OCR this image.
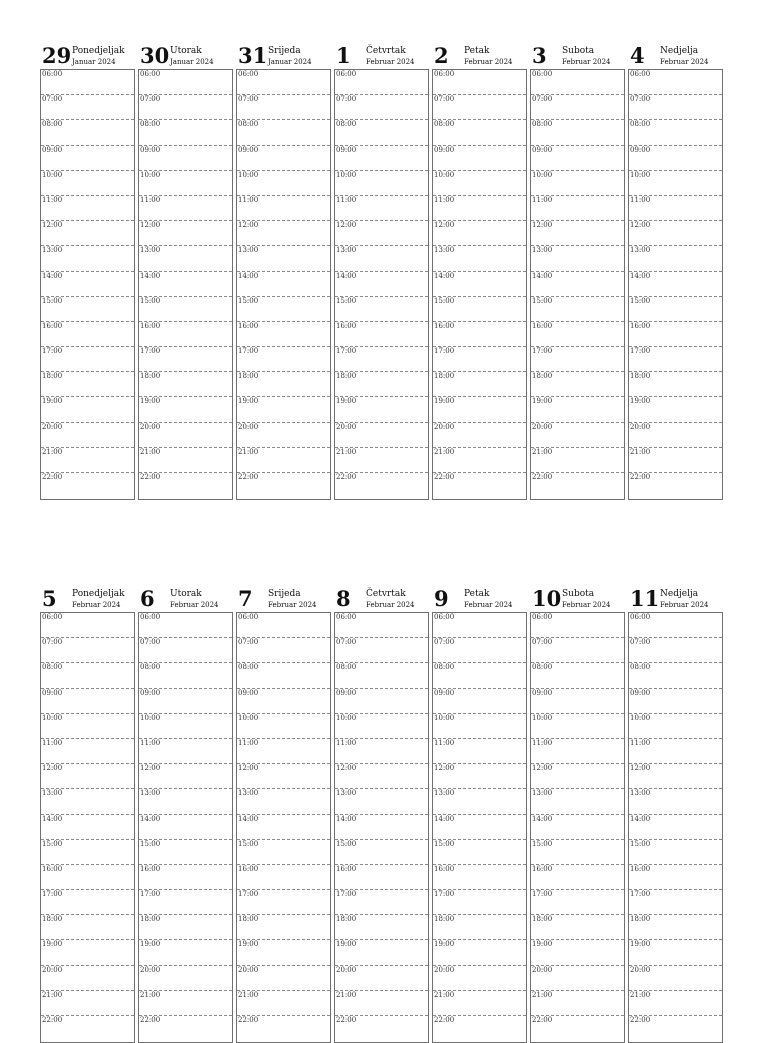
29 Ponedjeljak
Januar 2024
06:00
07:00
08:00
09:00
10:00
11:00
12:00
13:00
14:00
15:00
16:00
17:00
18:00
19:00
20:00
21:00
22:00
30 Utorak
Januar 2024
06:00
07:00
08:00
09:00
10:00
11:00
12:00
13:00
14:00
15:00
16:00
17:00
18:00
19:00
20:00
21:00
22:00
31 Srijeda
Januar 2024
06:00
07:00
08:00
09:00
10:00
11:00
12:00
13:00
14:00
15:00
16:00
17:00
18:00
19:00
20:00
21:00
22:00
1 Četvrtak
Februar 2024
06:00
07:00
08:00
09:00
10:00
11:00
12:00
13:00
14:00
15:00
16:00
17:00
18:00
19:00
20:00
21:00
22:00
2 Petak
Februar 2024
06:00
07:00
08:00
09:00
10:00
11:00
12:00
13:00
14:00
15:00
16:00
17:00
18:00
19:00
20:00
21:00
22:00
3 Subota
Februar 2024
06:00
07:00
08:00
09:00
10:00
11:00
12:00
13:00
14:00
15:00
16:00
17:00
18:00
19:00
20:00
21:00
22:00
4 Nedjelja
Februar 2024
06:00
07:00
08:00
09:00
10:00
11:00
12:00
13:00
14:00
15:00
16:00
17:00
18:00
19:00
20:00
21:00
22:00
5 Ponedjeljak
Februar 2024
06:00
07:00
08:00
09:00
10:00
11:00
12:00
13:00
14:00
15:00
16:00
17:00
18:00
19:00
20:00
21:00
22:00
6 Utorak
Februar 2024
06:00
07:00
08:00
09:00
10:00
11:00
12:00
13:00
14:00
15:00
16:00
17:00
18:00
19:00
20:00
21:00
22:00
7 Srijeda
Februar 2024
06:00
07:00
08:00
09:00
10:00
11:00
12:00
13:00
14:00
15:00
16:00
17:00
18:00
19:00
20:00
21:00
22:00
8 Četvrtak
Februar 2024
06:00
07:00
08:00
09:00
10:00
11:00
12:00
13:00
14:00
15:00
16:00
17:00
18:00
19:00
20:00
21:00
22:00
9 Petak
Februar 2024
06:00
07:00
08:00
09:00
10:00
11:00
12:00
13:00
14:00
15:00
16:00
17:00
18:00
19:00
20:00
21:00
22:00
10 Subota
Februar 2024
06:00
07:00
08:00
09:00
10:00
11:00
12:00
13:00
14:00
15:00
16:00
17:00
18:00
19:00
20:00
21:00
22:00
11 Nedjelja
Februar 2024
06:00
07:00
08:00
09:00
10:00
11:00
12:00
13:00
14:00
15:00
16:00
17:00
18:00
19:00
20:00
21:00
22:00
